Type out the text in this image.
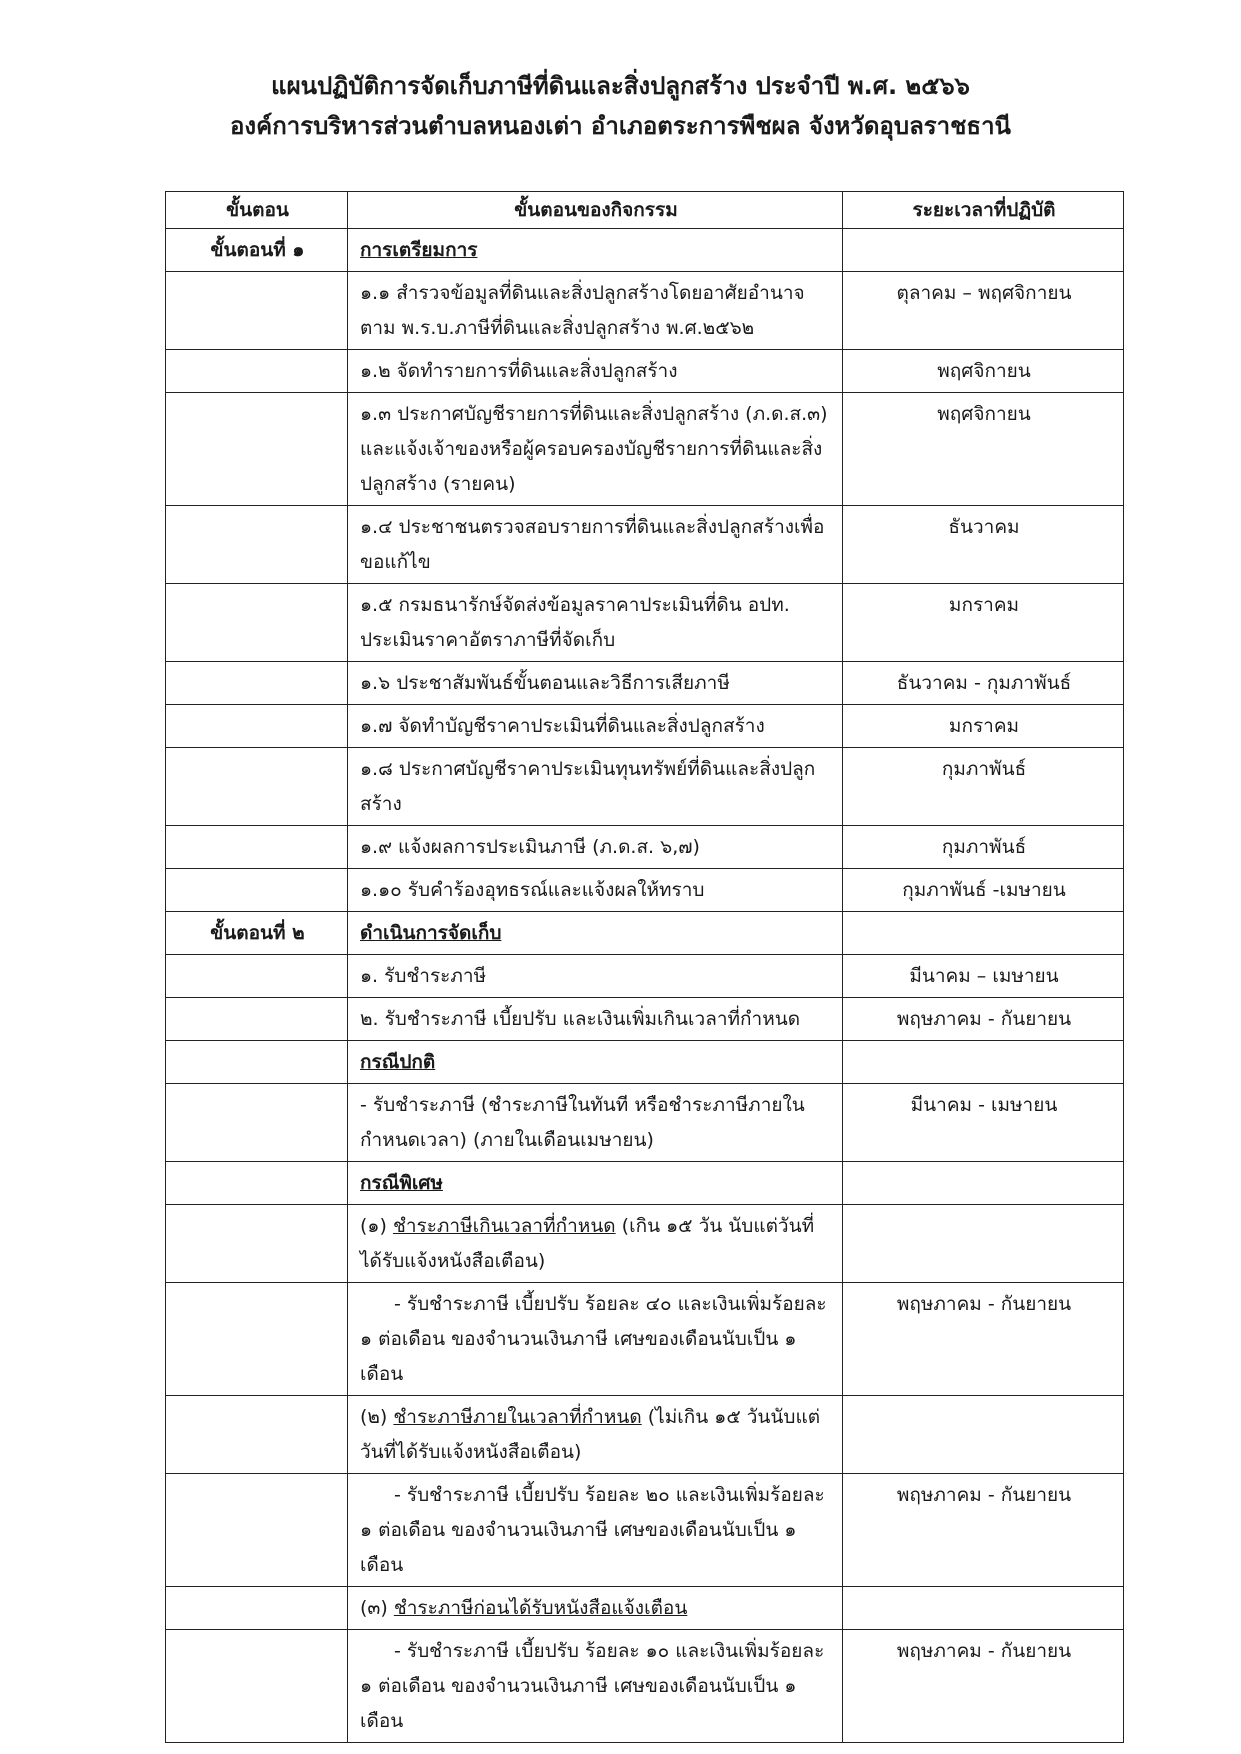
แผนปฏิบัติการจัดเก็บภาษีที่ดินและสิ่งปลูกสร้าง ประจำปี พ.ศ. ๒๕๖๖
องค์การบริหารส่วนตำบลหนองเต่า อำเภอตระการพืชผล จังหวัดอุบลราชธานี
ขั้นตอน	ขั้นตอนของกิจกรรม	ระยะเวลาที่ปฏิบัติ
ขั้นตอนที่ ๑	การเตรียมการ	
	๑.๑ สำรวจข้อมูลที่ดินและสิ่งปลูกสร้างโดยอาศัยอำนาจตาม พ.ร.บ.ภาษีที่ดินและสิ่งปลูกสร้าง พ.ศ.๒๕๖๒	ตุลาคม – พฤศจิกายน
	๑.๒ จัดทำรายการที่ดินและสิ่งปลูกสร้าง	พฤศจิกายน
	๑.๓ ประกาศบัญชีรายการที่ดินและสิ่งปลูกสร้าง (ภ.ด.ส.๓) และแจ้งเจ้าของหรือผู้ครอบครองบัญชีรายการที่ดินและสิ่งปลูกสร้าง (รายคน)	พฤศจิกายน
	๑.๔ ประชาชนตรวจสอบรายการที่ดินและสิ่งปลูกสร้างเพื่อขอแก้ไข	ธันวาคม
	๑.๕ กรมธนารักษ์จัดส่งข้อมูลราคาประเมินที่ดิน อปท. ประเมินราคาอัตราภาษีที่จัดเก็บ	มกราคม
	๑.๖ ประชาสัมพันธ์ขั้นตอนและวิธีการเสียภาษี	ธันวาคม - กุมภาพันธ์
	๑.๗ จัดทำบัญชีราคาประเมินที่ดินและสิ่งปลูกสร้าง	มกราคม
	๑.๘ ประกาศบัญชีราคาประเมินทุนทรัพย์ที่ดินและสิ่งปลูกสร้าง	กุมภาพันธ์
	๑.๙ แจ้งผลการประเมินภาษี (ภ.ด.ส. ๖,๗)	กุมภาพันธ์
	๑.๑๐ รับคำร้องอุทธรณ์และแจ้งผลให้ทราบ	กุมภาพันธ์ -เมษายน
ขั้นตอนที่ ๒	ดำเนินการจัดเก็บ	
	๑. รับชำระภาษี	มีนาคม – เมษายน
	๒. รับชำระภาษี เบี้ยปรับ และเงินเพิ่มเกินเวลาที่กำหนด	พฤษภาคม - กันยายน
	กรณีปกติ	
	- รับชำระภาษี (ชำระภาษีในทันที หรือชำระภาษีภายในกำหนดเวลา) (ภายในเดือนเมษายน)	มีนาคม - เมษายน
	กรณีพิเศษ	
	(๑) ชำระภาษีเกินเวลาที่กำหนด (เกิน ๑๕ วัน นับแต่วันที่ได้รับแจ้งหนังสือเตือน)	
	- รับชำระภาษี เบี้ยปรับ ร้อยละ ๔๐ และเงินเพิ่มร้อยละ ๑ ต่อเดือน ของจำนวนเงินภาษี เศษของเดือนนับเป็น ๑ เดือน	พฤษภาคม - กันยายน
	(๒) ชำระภาษีภายในเวลาที่กำหนด (ไม่เกิน ๑๕ วันนับแต่วันที่ได้รับแจ้งหนังสือเตือน)	
	- รับชำระภาษี เบี้ยปรับ ร้อยละ ๒๐ และเงินเพิ่มร้อยละ ๑ ต่อเดือน ของจำนวนเงินภาษี เศษของเดือนนับเป็น ๑ เดือน	พฤษภาคม - กันยายน
	(๓) ชำระภาษีก่อนได้รับหนังสือแจ้งเตือน	
	- รับชำระภาษี เบี้ยปรับ ร้อยละ ๑๐ และเงินเพิ่มร้อยละ ๑ ต่อเดือน ของจำนวนเงินภาษี เศษของเดือนนับเป็น ๑ เดือน	พฤษภาคม - กันยายน
